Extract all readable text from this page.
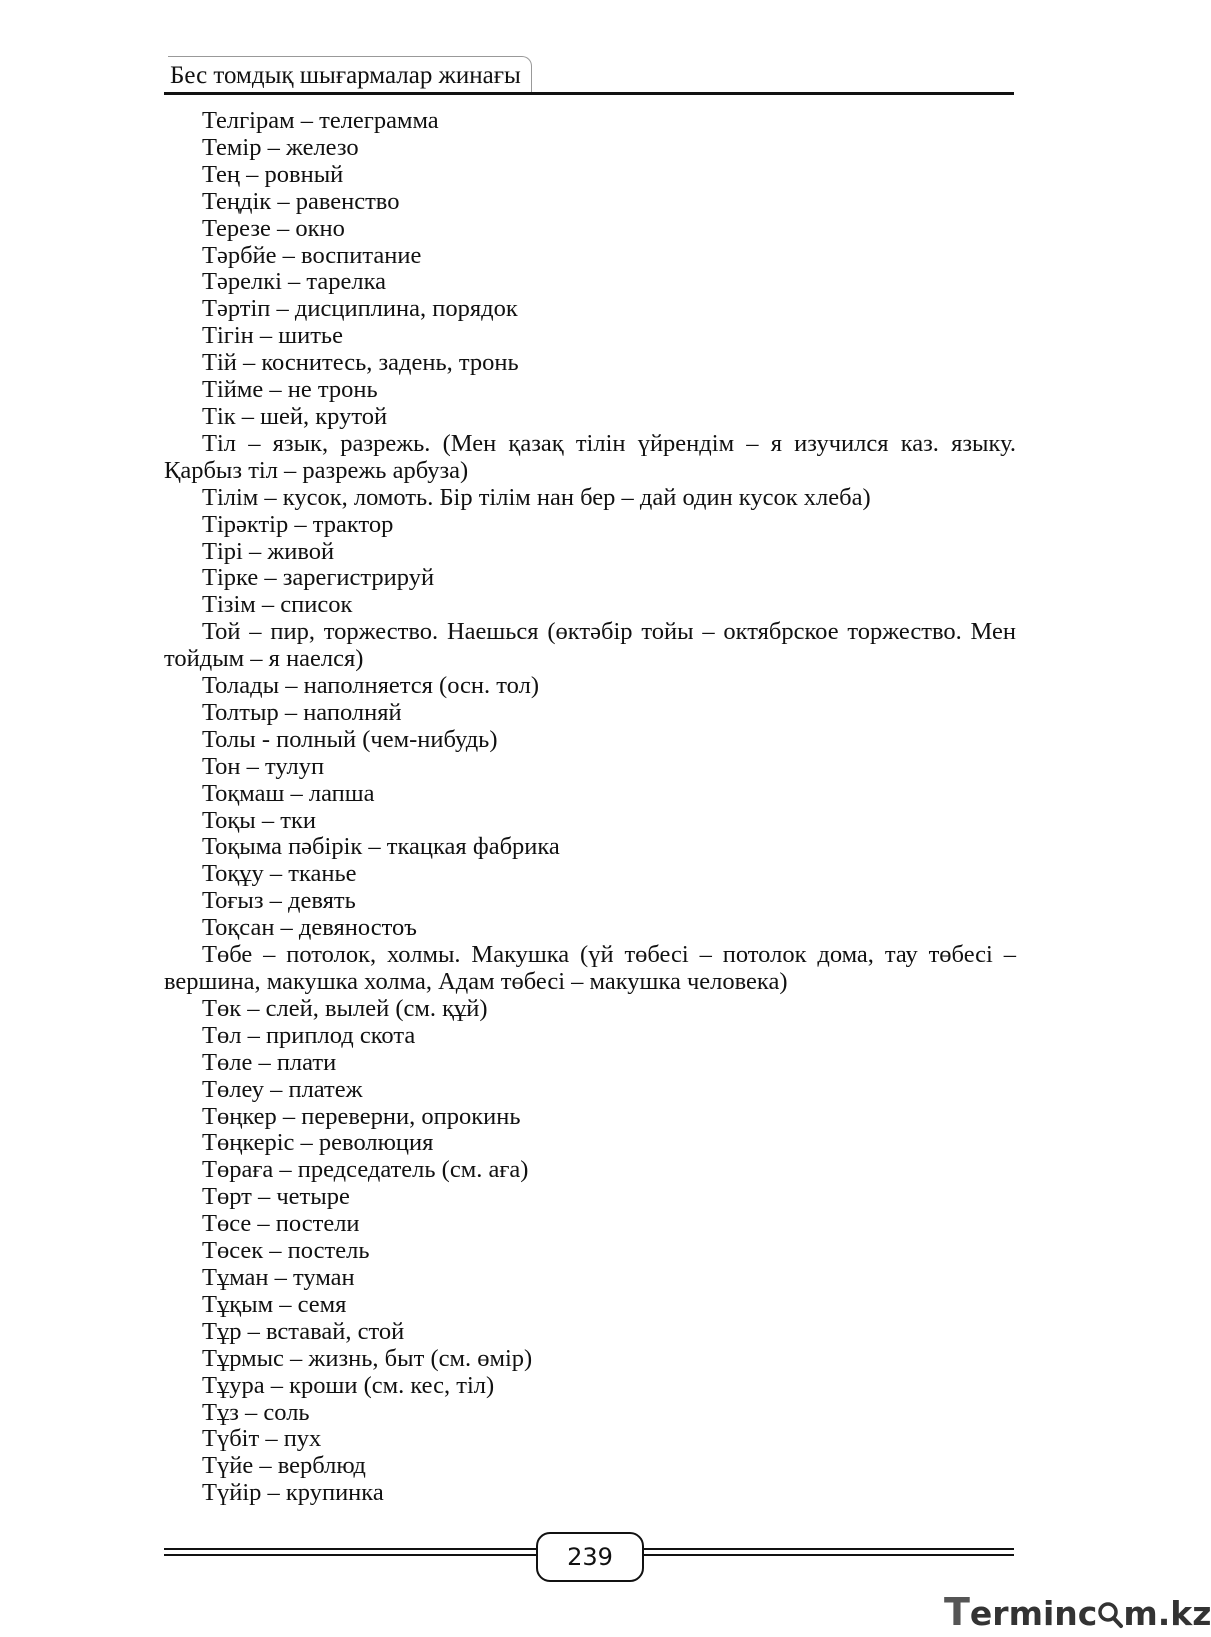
Бес томдық шығармалар жинағы
Телгірам – телеграмма
Темір – железо
Тең – ровный
Теңдік – равенство
Терезе – окно
Тәрбйе – воспитание
Тәрелкі – тарелка
Тәртіп – дисциплина, порядок
Тігін – шитье
Тій – коснитесь, задень, тронь
Тійме – не тронь
Тік – шей, крутой
Тіл – язык, разрежь. (Мен қазақ тілін үйрендім – я изучился каз. языку. Қарбыз тіл – разрежь арбуза)
Тілім – кусок, ломоть. Бір тілім нан бер – дай один кусок хлеба)
Тірәктір – трактор
Тірі – живой
Тірке – зарегистрируй
Тізім – список
Той – пир, торжество. Наешься (өктәбір тойы – октябрское торжество. Мен тойдым – я наелся)
Толады – наполняется (осн. тол)
Толтыр – наполняй
Толы - полный (чем-нибудь)
Тон – тулуп
Тоқмаш – лапша
Тоқы – тки
Тоқыма пәбірік – ткацкая фабрика
Тоқұу – тканье
Тоғыз – девять
Тоқсан – девяностоъ
Төбе – потолок, холмы. Макушка (үй төбесі – потолок дома, тау төбесі – вершина, макушка холма, Адам төбесі – макушка человека)
Төк – слей, вылей (см. құй)
Төл – приплод скота
Төле – плати
Төлеу – платеж
Төңкер – переверни, опрокинь
Төңкеріс – революция
Төраға – председатель (см. аға)
Төрт – четыре
Төсе – постели
Төсек – постель
Тұман – туман
Тұқым – семя
Тұр – вставай, стой
Тұрмыс – жизнь, быт (см. өмір)
Тұура – кроши (см. кес, тіл)
Тұз – соль
Түбіт – пух
Түйе – верблюд
Түйір – крупинка
239
Terminc m.kz
